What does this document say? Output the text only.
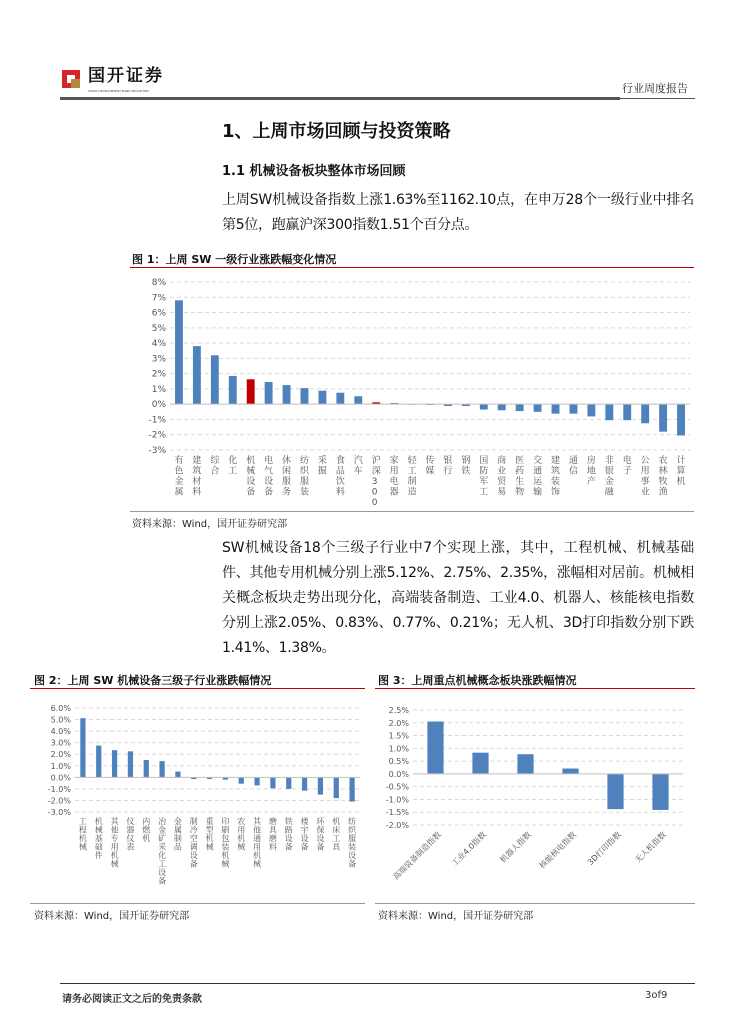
国开证券
CHINA DEVELOPMENT BANK SECURITIES	行业周度报告
1、上周市场回顾与投资策略
1.1 机械设备板块整体市场回顾
上周SW机械设备指数上涨1.63%至1162.10点，在申万28个一级行业中排名第5位，跑赢沪深300指数1.51个百分点。
图 1：上周 SW 一级行业涨跌幅变化情况
-3%
-2%
-1%
0%
1%
2%
3%
4%
5%
6%
7%
8%
有色金属
建筑材料
综合
化工
机械设备
电气设备
休闲服务
纺织服装
采掘
食品饮料
汽车
沪深 3 0 0
家用电器
轻工制造
传媒
银行
钢铁
国防军工
商业贸易
医药生物
交通运输
建筑装饰
通信
房地产
非银金融
电子
公用事业
农林牧渔
计算机
资料来源：Wind，国开证券研究部
SW机械设备18个三级子行业中7个实现上涨，其中，工程机械、机械基础件、其他专用机械分别上涨5.12%、2.75%、2.35%，涨幅相对居前。机械相关概念板块走势出现分化，高端装备制造、工业4.0、机器人、核能核电指数分别上涨2.05%、0.83%、0.77%、0.21%；无人机、3D打印指数分别下跌1.41%、1.38%。
图 2：上周 SW 机械设备三级子行业涨跌幅情况
-3.0%
-2.0%
-1.0%
0.0%
1.0%
2.0%
3.0%
4.0%
5.0%
6.0%
工程机械
机械基础件
其他专用机械
仪器仪表
内燃机
冶金矿采化工设备
金属制品
制冷空调设备
重型机械
印刷包装机械
农用机械
其他通用机械
磨具磨料
铁路设备
楼宇设备
环保设备
机床工具
纺织服装设备
资料来源：Wind，国开证券研究部
图 3：上周重点机械概念板块涨跌幅情况
-2.0%
-1.5%
-1.0%
-0.5%
0.0%
0.5%
1.0%
1.5%
2.0%
2.5%
高端装备制造指数 工业4.0指数 机器人指数 核能核电指数 3D打印指数 无人机指数
资料来源：Wind，国开证券研究部
请务必阅读正文之后的免责条款	3of9
